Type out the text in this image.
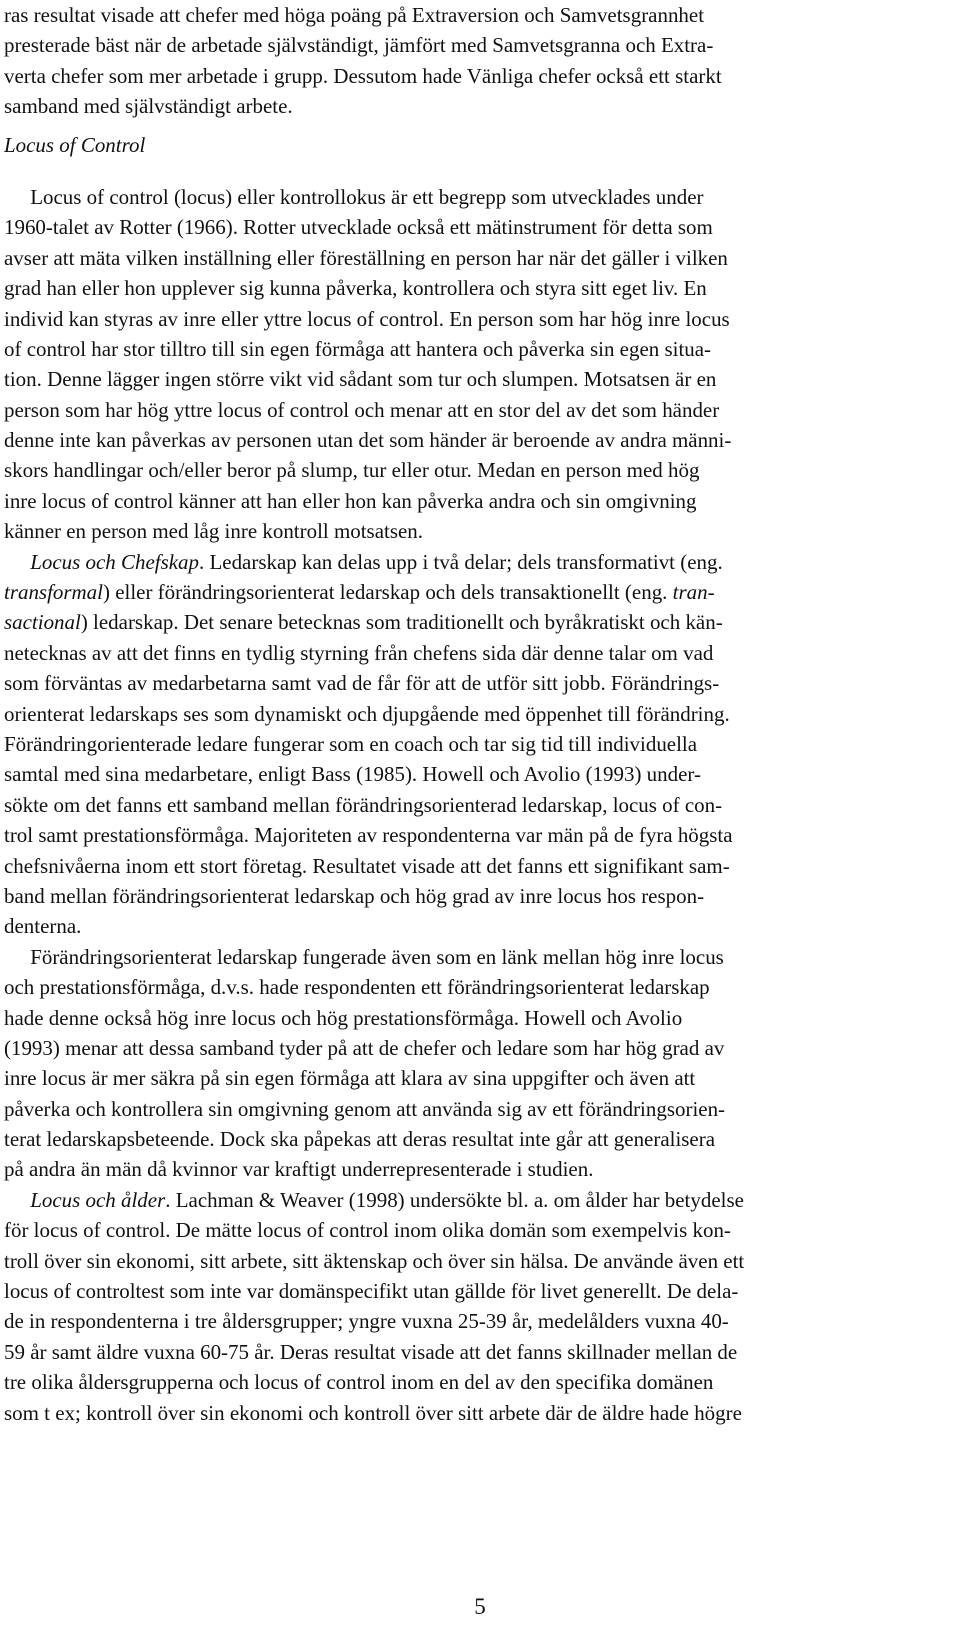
ras resultat visade att chefer med höga poäng på Extraversion och Samvetsgrannhet
presterade bäst när de arbetade självständigt, jämfört med Samvetsgranna och Extra-
verta chefer som mer arbetade i grupp. Dessutom hade Vänliga chefer också ett starkt
samband med självständigt arbete.
Locus of Control
Locus of control (locus) eller kontrollokus är ett begrepp som utvecklades under
1960-talet av Rotter (1966). Rotter utvecklade också ett mätinstrument för detta som
avser att mäta vilken inställning eller föreställning en person har när det gäller i vilken
grad han eller hon upplever sig kunna påverka, kontrollera och styra sitt eget liv. En
individ kan styras av inre eller yttre locus of control. En person som har hög inre locus
of control har stor tilltro till sin egen förmåga att hantera och påverka sin egen situa-
tion. Denne lägger ingen större vikt vid sådant som tur och slumpen. Motsatsen är en
person som har hög yttre locus of control och menar att en stor del av det som händer
denne inte kan påverkas av personen utan det som händer är beroende av andra männi-
skors handlingar och/eller beror på slump, tur eller otur. Medan en person med hög
inre locus of control känner att han eller hon kan påverka andra och sin omgivning
känner en person med låg inre kontroll motsatsen.
Locus och Chefskap. Ledarskap kan delas upp i två delar; dels transformativt (eng.
transformal) eller förändringsorienterat ledarskap och dels transaktionellt (eng. tran-
sactional) ledarskap. Det senare betecknas som traditionellt och byråkratiskt och kän-
netecknas av att det finns en tydlig styrning från chefens sida där denne talar om vad
som förväntas av medarbetarna samt vad de får för att de utför sitt jobb. Förändrings-
orienterat ledarskaps ses som dynamiskt och djupgående med öppenhet till förändring.
Förändringorienterade ledare fungerar som en coach och tar sig tid till individuella
samtal med sina medarbetare, enligt Bass (1985). Howell och Avolio (1993) under-
sökte om det fanns ett samband mellan förändringsorienterad ledarskap, locus of con-
trol samt prestationsförmåga. Majoriteten av respondenterna var män på de fyra högsta
chefsnivåerna inom ett stort företag. Resultatet visade att det fanns ett signifikant sam-
band mellan förändringsorienterat ledarskap och hög grad av inre locus hos respon-
denterna.
Förändringsorienterat ledarskap fungerade även som en länk mellan hög inre locus
och prestationsförmåga, d.v.s. hade respondenten ett förändringsorienterat ledarskap
hade denne också hög inre locus och hög prestationsförmåga. Howell och Avolio
(1993) menar att dessa samband tyder på att de chefer och ledare som har hög grad av
inre locus är mer säkra på sin egen förmåga att klara av sina uppgifter och även att
påverka och kontrollera sin omgivning genom att använda sig av ett förändringsorien-
terat ledarskapsbeteende. Dock ska påpekas att deras resultat inte går att generalisera
på andra än män då kvinnor var kraftigt underrepresenterade i studien.
Locus och ålder. Lachman & Weaver (1998) undersökte bl. a. om ålder har betydelse
för locus of control. De mätte locus of control inom olika domän som exempelvis kon-
troll över sin ekonomi, sitt arbete, sitt äktenskap och över sin hälsa. De använde även ett
locus of controltest som inte var domänspecifikt utan gällde för livet generellt. De dela-
de in respondenterna i tre åldersgrupper; yngre vuxna 25-39 år, medelålders vuxna 40-
59 år samt äldre vuxna 60-75 år. Deras resultat visade att det fanns skillnader mellan de
tre olika åldersgrupperna och locus of control inom en del av den specifika domänen
som t ex; kontroll över sin ekonomi och kontroll över sitt arbete där de äldre hade högre
5
